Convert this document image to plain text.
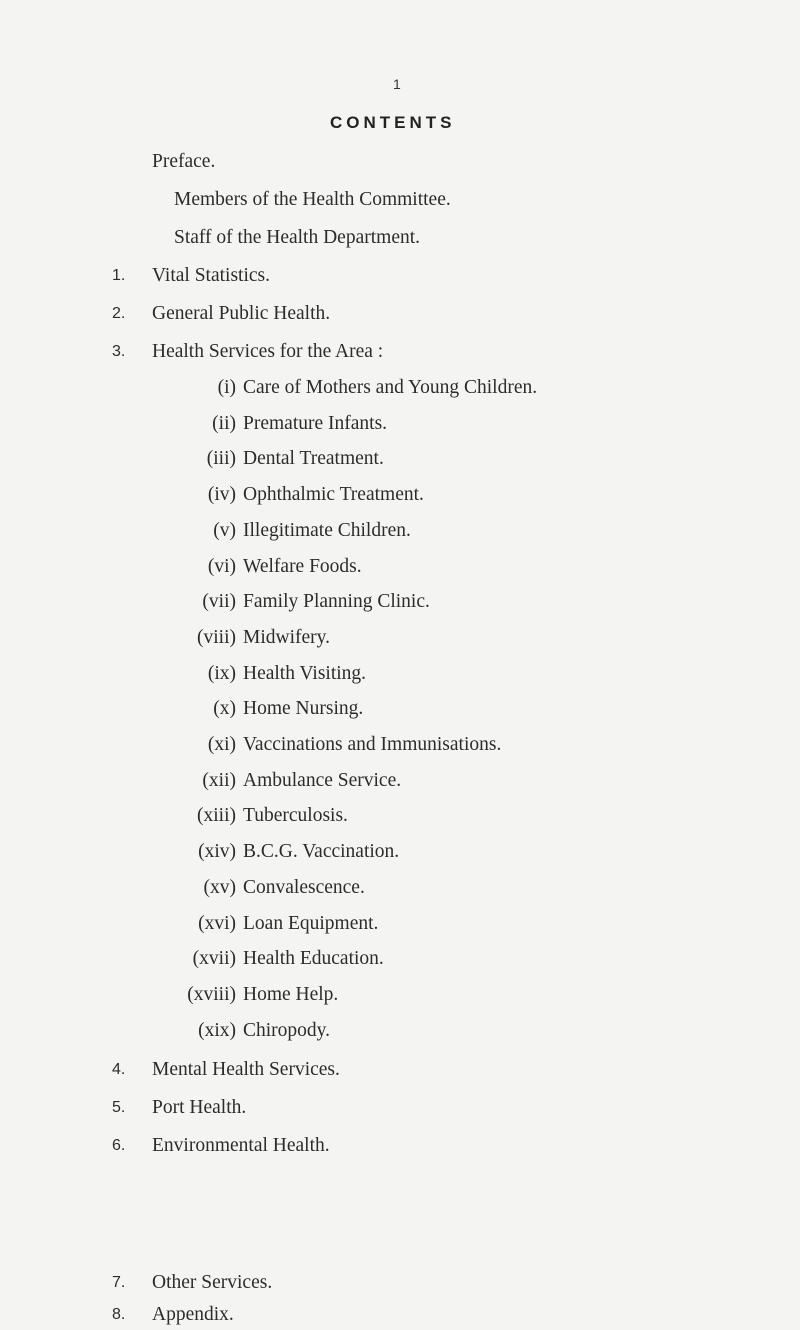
1
CONTENTS
Preface.
Members of the Health Committee.
Staff of the Health Department.
1. Vital Statistics.
2. General Public Health.
3. Health Services for the Area :
(i) Care of Mothers and Young Children.
(ii) Premature Infants.
(iii) Dental Treatment.
(iv) Ophthalmic Treatment.
(v) Illegitimate Children.
(vi) Welfare Foods.
(vii) Family Planning Clinic.
(viii) Midwifery.
(ix) Health Visiting.
(x) Home Nursing.
(xi) Vaccinations and Immunisations.
(xii) Ambulance Service.
(xiii) Tuberculosis.
(xiv) B.C.G. Vaccination.
(xv) Convalescence.
(xvi) Loan Equipment.
(xvii) Health Education.
(xviii) Home Help.
(xix) Chiropody.
4. Mental Health Services.
5. Port Health.
6. Environmental Health.
7. Other Services.
8. Appendix.
